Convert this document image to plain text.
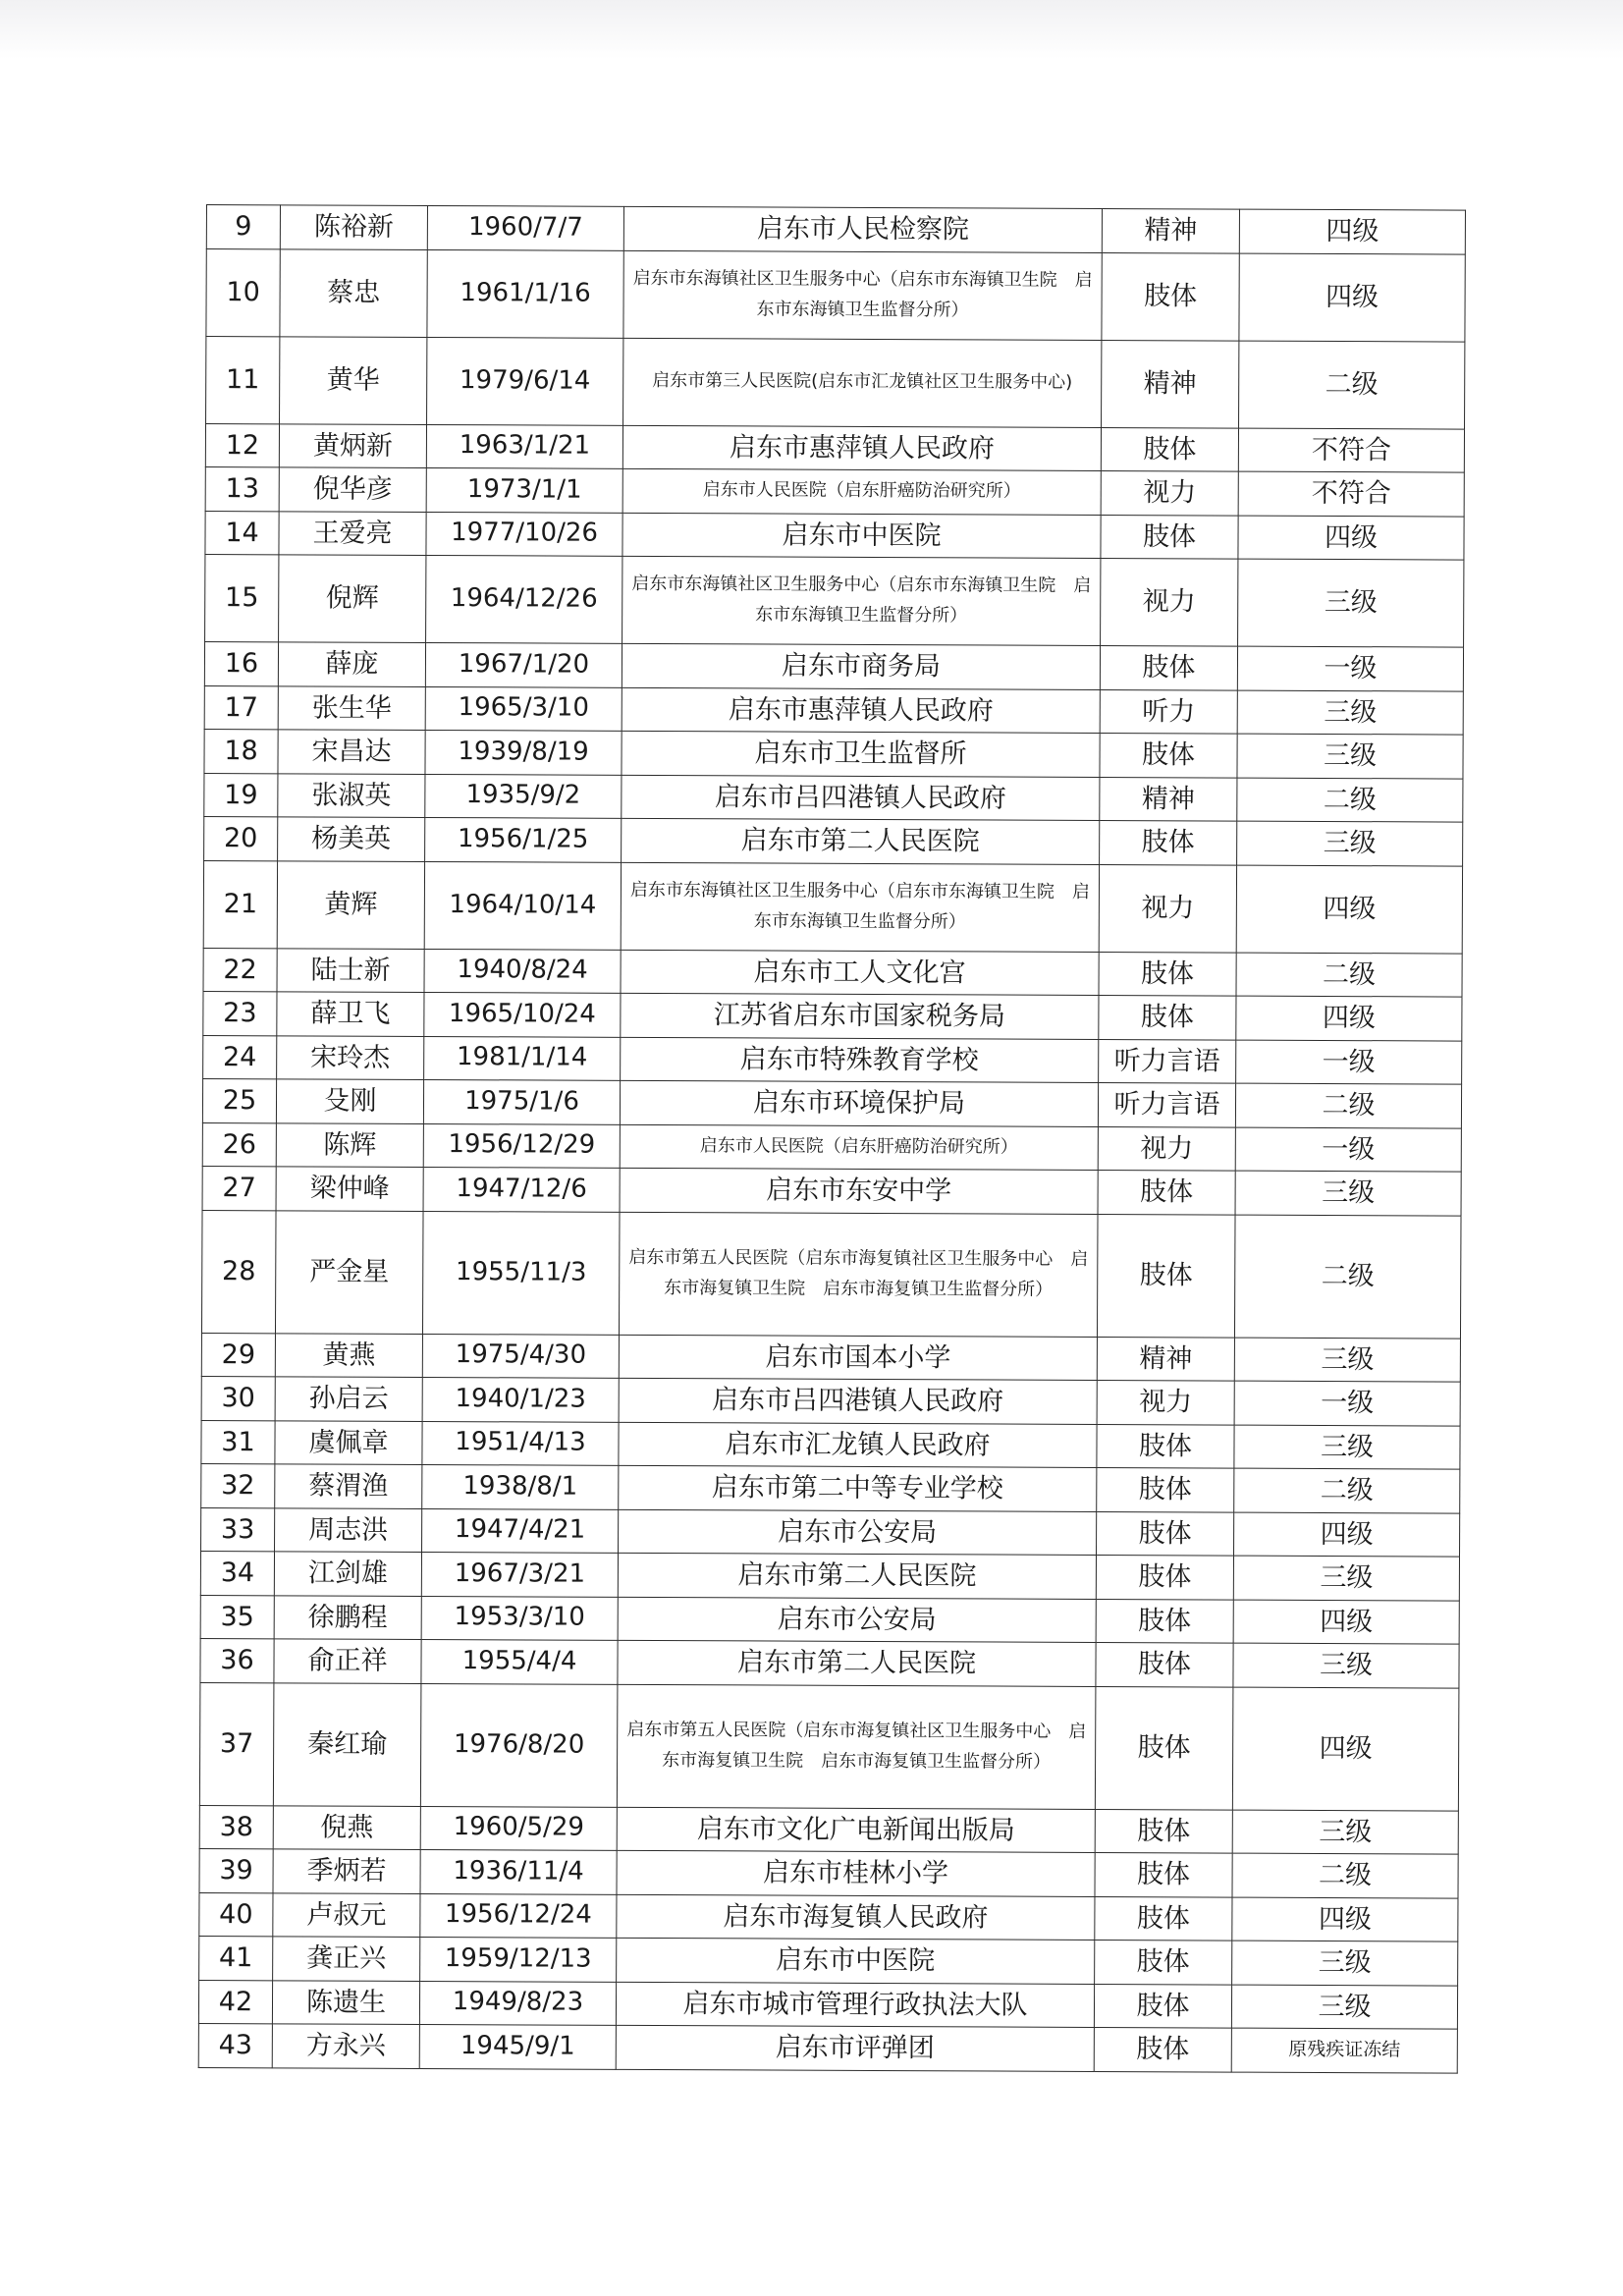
9	陈裕新	1960/7/7	启东市人民检察院	精神	四级
10	蔡忠	1961/1/16	启东市东海镇社区卫生服务中心（启东市东海镇卫生院　启东市东海镇卫生监督分所）	肢体	四级
11	黄华	1979/6/14	启东市第三人民医院(启东市汇龙镇社区卫生服务中心)	精神	二级
12	黄炳新	1963/1/21	启东市惠萍镇人民政府	肢体	不符合
13	倪华彦	1973/1/1	启东市人民医院（启东肝癌防治研究所）	视力	不符合
14	王爱亮	1977/10/26	启东市中医院	肢体	四级
15	倪辉	1964/12/26	启东市东海镇社区卫生服务中心（启东市东海镇卫生院　启东市东海镇卫生监督分所）	视力	三级
16	薛庞	1967/1/20	启东市商务局	肢体	一级
17	张生华	1965/3/10	启东市惠萍镇人民政府	听力	三级
18	宋昌达	1939/8/19	启东市卫生监督所	肢体	三级
19	张淑英	1935/9/2	启东市吕四港镇人民政府	精神	二级
20	杨美英	1956/1/25	启东市第二人民医院	肢体	三级
21	黄辉	1964/10/14	启东市东海镇社区卫生服务中心（启东市东海镇卫生院　启东市东海镇卫生监督分所）	视力	四级
22	陆士新	1940/8/24	启东市工人文化宫	肢体	二级
23	薛卫飞	1965/10/24	江苏省启东市国家税务局	肢体	四级
24	宋玲杰	1981/1/14	启东市特殊教育学校	听力言语	一级
25	殳刚	1975/1/6	启东市环境保护局	听力言语	二级
26	陈辉	1956/12/29	启东市人民医院（启东肝癌防治研究所）	视力	一级
27	梁仲峰	1947/12/6	启东市东安中学	肢体	三级
28	严金星	1955/11/3	启东市第五人民医院（启东市海复镇社区卫生服务中心　启东市海复镇卫生院　启东市海复镇卫生监督分所）	肢体	二级
29	黄燕	1975/4/30	启东市国本小学	精神	三级
30	孙启云	1940/1/23	启东市吕四港镇人民政府	视力	一级
31	虞佩章	1951/4/13	启东市汇龙镇人民政府	肢体	三级
32	蔡渭渔	1938/8/1	启东市第二中等专业学校	肢体	二级
33	周志洪	1947/4/21	启东市公安局	肢体	四级
34	江剑雄	1967/3/21	启东市第二人民医院	肢体	三级
35	徐鹏程	1953/3/10	启东市公安局	肢体	四级
36	俞正祥	1955/4/4	启东市第二人民医院	肢体	三级
37	秦红瑜	1976/8/20	启东市第五人民医院（启东市海复镇社区卫生服务中心　启东市海复镇卫生院　启东市海复镇卫生监督分所）	肢体	四级
38	倪燕	1960/5/29	启东市文化广电新闻出版局	肢体	三级
39	季炳若	1936/11/4	启东市桂林小学	肢体	二级
40	卢叔元	1956/12/24	启东市海复镇人民政府	肢体	四级
41	龚正兴	1959/12/13	启东市中医院	肢体	三级
42	陈遗生	1949/8/23	启东市城市管理行政执法大队	肢体	三级
43	方永兴	1945/9/1	启东市评弹团	肢体	原残疾证冻结
